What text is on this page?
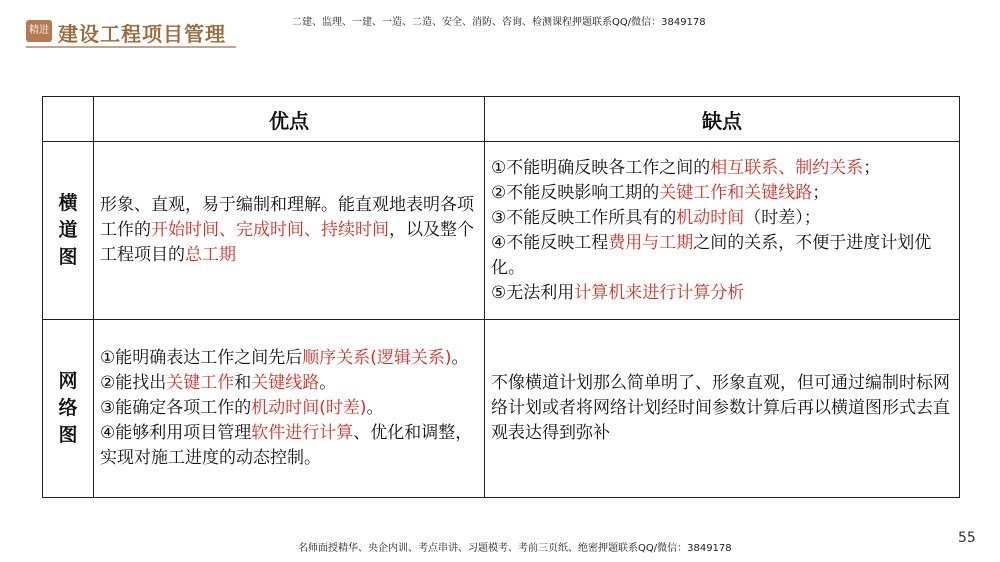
精进 建设工程项目管理	二建、监理、一建、一造、二造、安全、消防、咨询、检测课程押题联系QQ/微信：3849178
	优点	缺点

横
道
图	形象、直观，易于编制和理解。能直观地表明各项工作的开始时间、完成时间、持续时间，以及整个工程项目的总工期	①不能明确反映各工作之间的相互联系、制约关系；
②不能反映影响工期的关键工作和关键线路；
③不能反映工作所具有的机动时间（时差）；
④不能反映工程费用与工期之间的关系，不便于进度计划优化。
⑤无法利用计算机来进行计算分析

网
络
图	①能明确表达工作之间先后顺序关系(逻辑关系)。
②能找出关键工作和关键线路。
③能确定各项工作的机动时间(时差)。
④能够利用项目管理软件进行计算、优化和调整，实现对施工进度的动态控制。	不像横道计划那么简单明了、形象直观，但可通过编制时标网络计划或者将网络计划经时间参数计算后再以横道图形式去直观表达得到弥补
名师面授精华、央企内训、考点串讲、习题模考、考前三页纸、绝密押题联系QQ/微信：3849178
55
